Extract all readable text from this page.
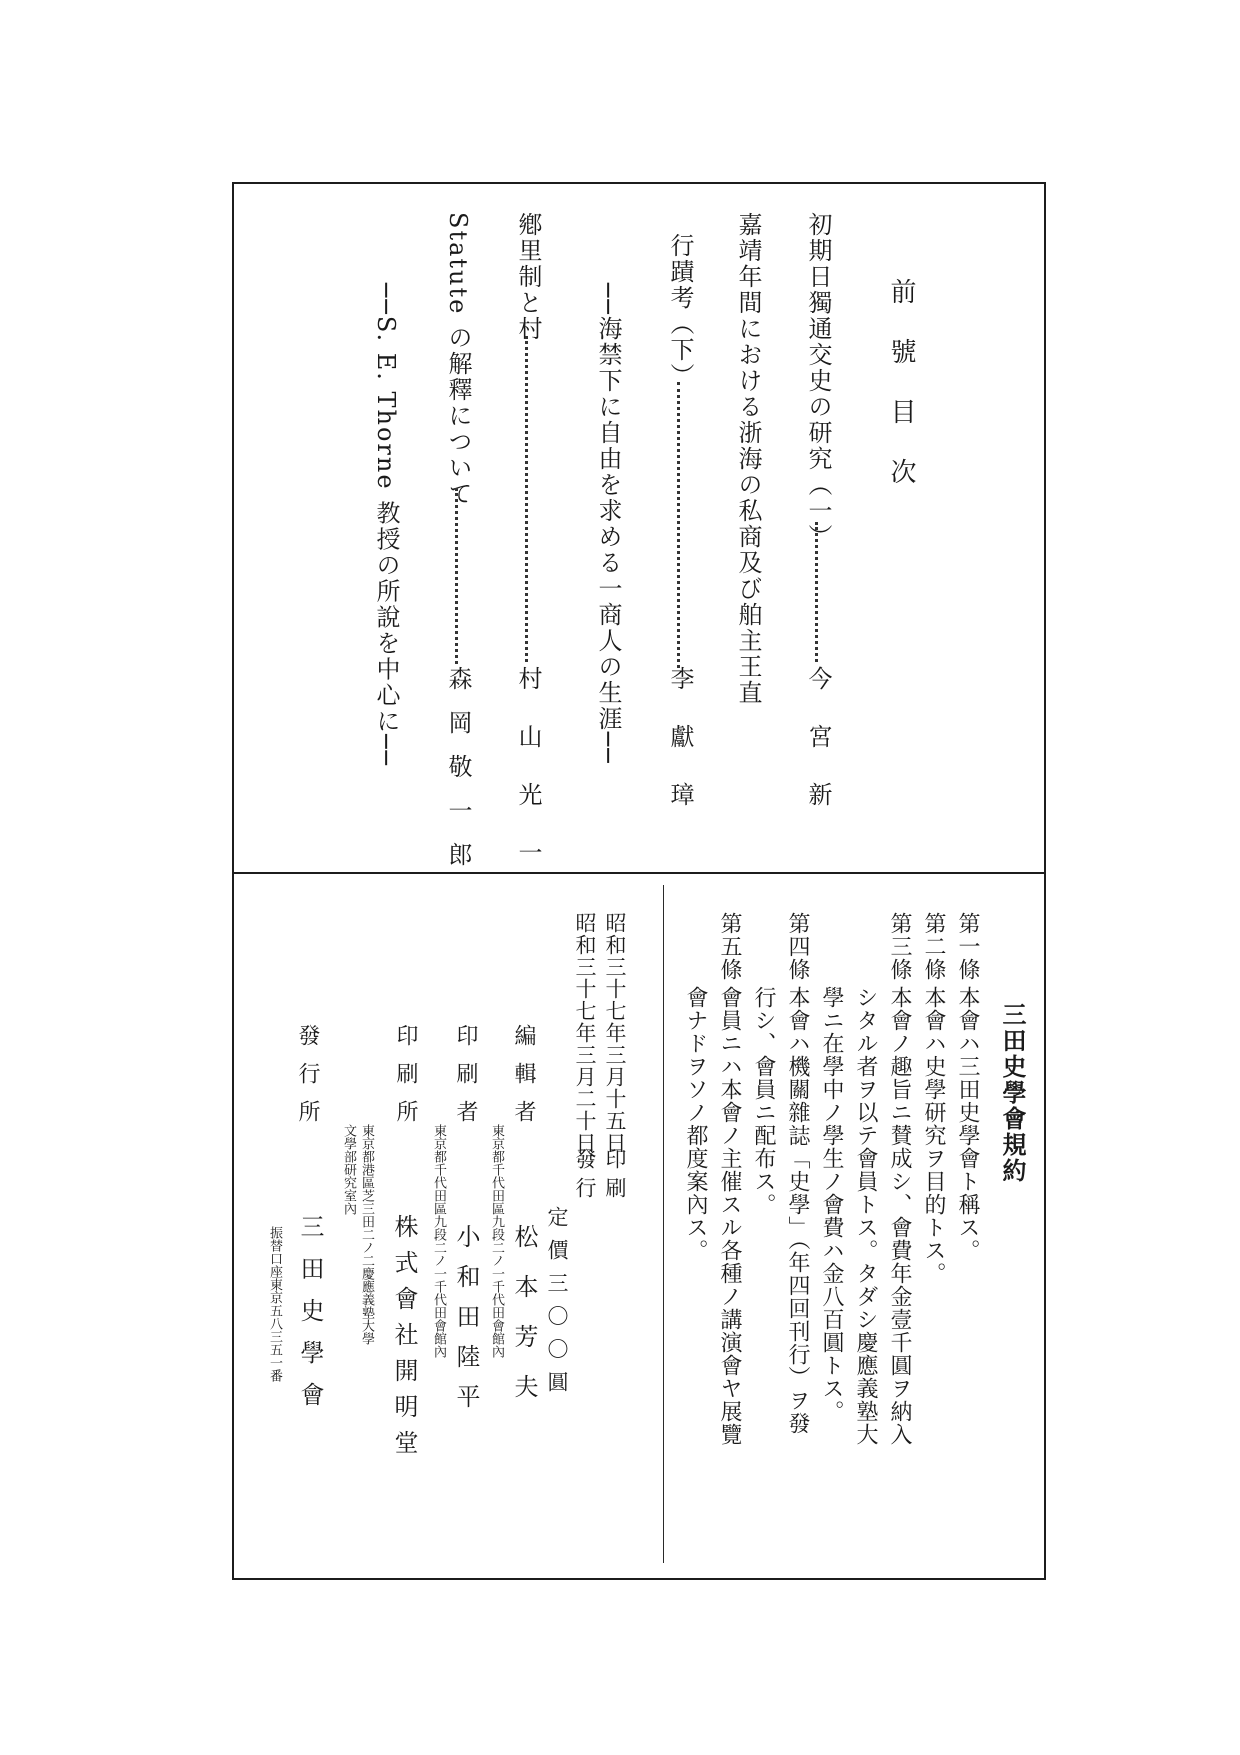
前號目次
初期日獨通交史の研究（一）
今宮新
嘉靖年間における浙海の私商及び舶主王直
行蹟考（下）
李獻璋
──海禁下に自由を求める一商人の生涯──
鄕里制と村
村山光一
Statute の解釋について
森岡敬一郎
──S. E. Thorne 教授の所說を中心に──
三田史學會規約
第一條
本會ハ三田史學會ト稱ス。
第二條
本會ハ史學研究ヲ目的トス。
第三條
本會ノ趣旨ニ賛成シ、會費年金壹千圓ヲ納入
シタル者ヲ以テ會員トス。タダシ慶應義塾大
學ニ在學中ノ學生ノ會費ハ金八百圓トス。
第四條
本會ハ機關雜誌「史學」（年四回刊行）ヲ發
行シ、會員ニ配布ス。
第五條
會員ニハ本會ノ主催スル各種ノ講演會ヤ展覽
會ナドヲソノ都度案內ス。
昭和三十七年三月十五日
印刷
昭和三十七年三月二十日
發行
定價三〇〇圓
編輯者
東京都千代田區九段二ノ一千代田會館內 松本芳夫
印刷者
東京都千代田區九段二ノ一千代田會館內 小和田陸平
印刷所
株式會社開明堂
發行所
東京都港區芝三田二ノ二慶應義塾大學
文學部研究室內
三田史學會
振替口座東京五八三五一番
